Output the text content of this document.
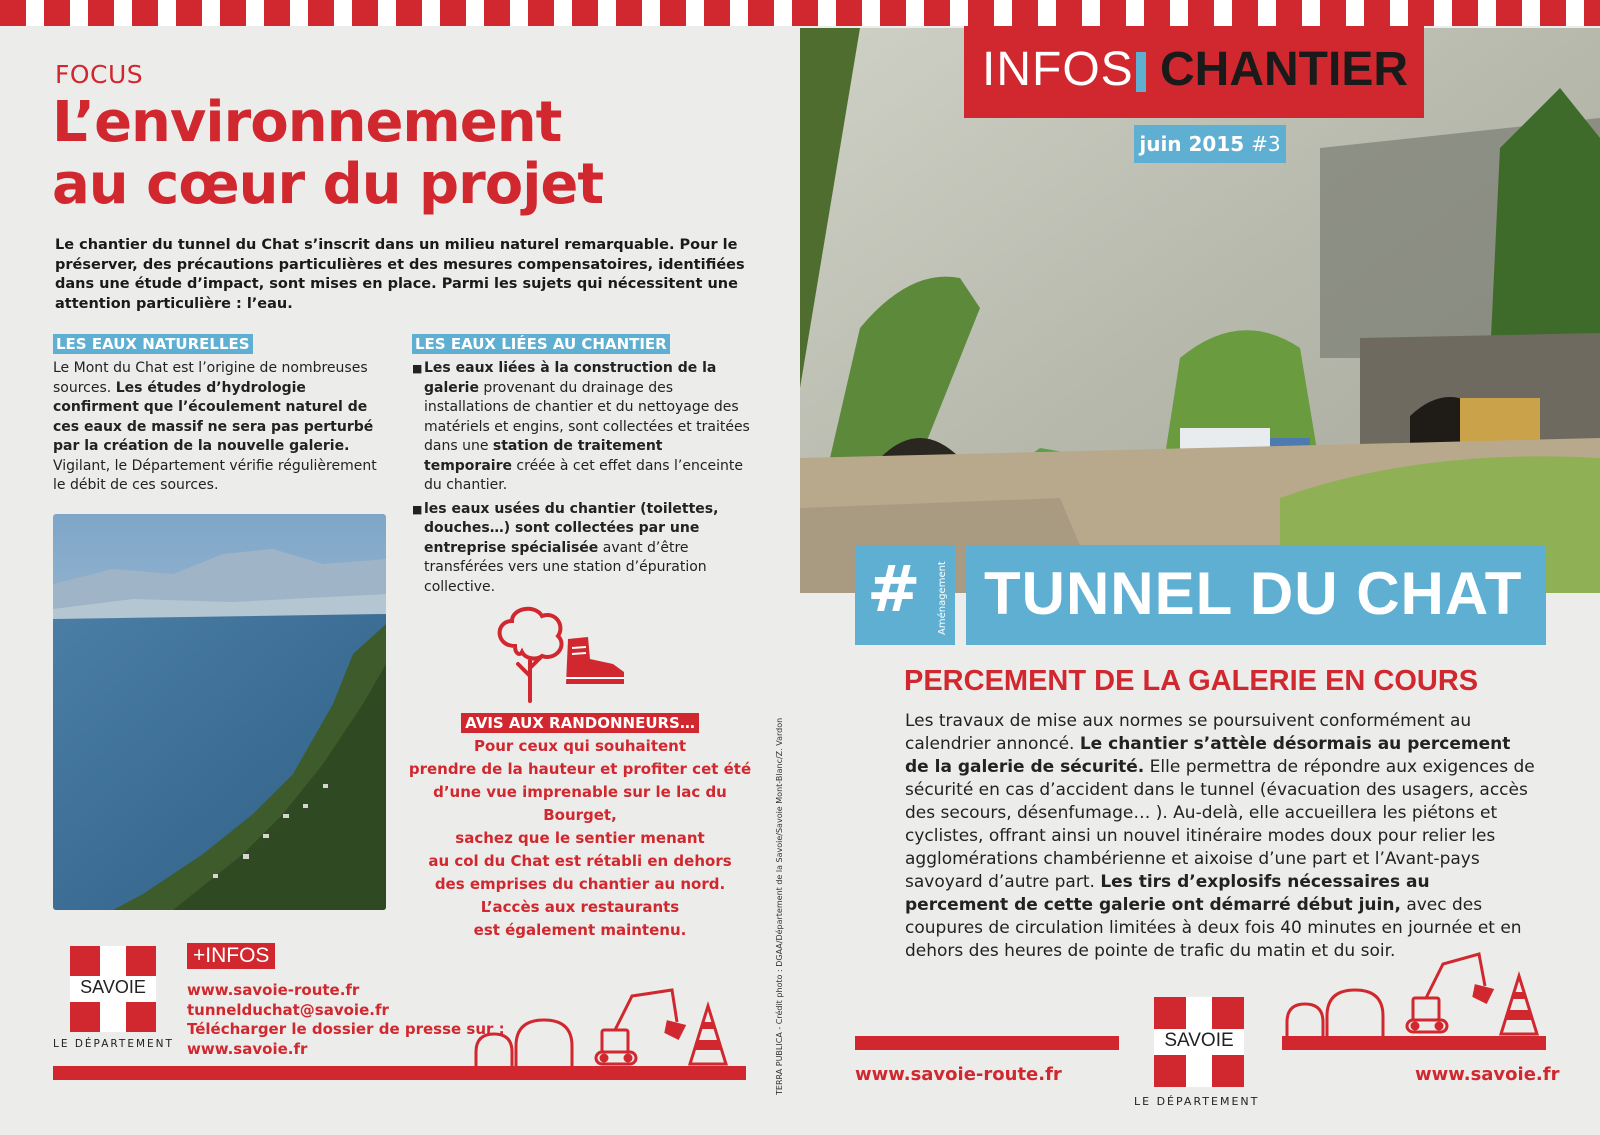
FOCUS
L’environnement
au cœur du projet
Le chantier du tunnel du Chat s’inscrit dans un milieu naturel remarquable. Pour le préserver, des précautions particulières et des mesures compensatoires, identifiées dans une étude d’impact, sont mises en place. Parmi les sujets qui nécessitent une attention particulière : l’eau.
LES EAUX NATURELLES
Le Mont du Chat est l’origine de nombreuses sources. Les études d’hydrologie confirment que l’écoulement naturel de ces eaux de massif ne sera pas perturbé par la création de la nouvelle galerie. Vigilant, le Département vérifie régulièrement le débit de ces sources.
LES EAUX LIÉES AU CHANTIER
■ Les eaux liées à la construction de la galerie provenant du drainage des installations de chantier et du nettoyage des matériels et engins, sont collectées et traitées dans une station de traitement temporaire créée à cet effet dans l’enceinte du chantier.
■ les eaux usées du chantier (toilettes, douches…) sont collectées par une entreprise spécialisée avant d’être transférées vers une station d’épuration collective.
AVIS AUX RANDONNEURS…
Pour ceux qui souhaitent
prendre de la hauteur et profiter cet été
d’une vue imprenable sur le lac du Bourget,
sachez que le sentier menant
au col du Chat est rétabli en dehors
des emprises du chantier au nord.
L’accès aux restaurants
est également maintenu.
SAVOIE
LE DÉPARTEMENT
+INFOS
www.savoie-route.fr
tunnelduchat@savoie.fr
Télécharger le dossier de presse sur :
www.savoie.fr	TERRA PUBLICA - Crédit photo : DGAA/Département de la Savoie/Savoie Mont-Blanc/Z. Vardon
INFOS CHANTIER
juin 2015 #3
# Aménagement TUNNEL DU CHAT
PERCEMENT DE LA GALERIE EN COURS
Les travaux de mise aux normes se poursuivent conformément au calendrier annoncé. Le chantier s’attèle désormais au percement de la galerie de sécurité. Elle permettra de répondre aux exigences de sécurité en cas d’accident dans le tunnel (évacuation des usagers, accès des secours, désenfumage… ). Au-delà, elle accueillera les piétons et cyclistes, offrant ainsi un nouvel itinéraire modes doux pour relier les agglomérations chambérienne et aixoise d’une part et l’Avant-pays savoyard d’autre part. Les tirs d’explosifs nécessaires au percement de cette galerie ont démarré début juin, avec des coupures de circulation limitées à deux fois 40 minutes en journée et en dehors des heures de pointe de trafic du matin et du soir.
www.savoie-route.fr	www.savoie.fr
SAVOIE
LE DÉPARTEMENT
